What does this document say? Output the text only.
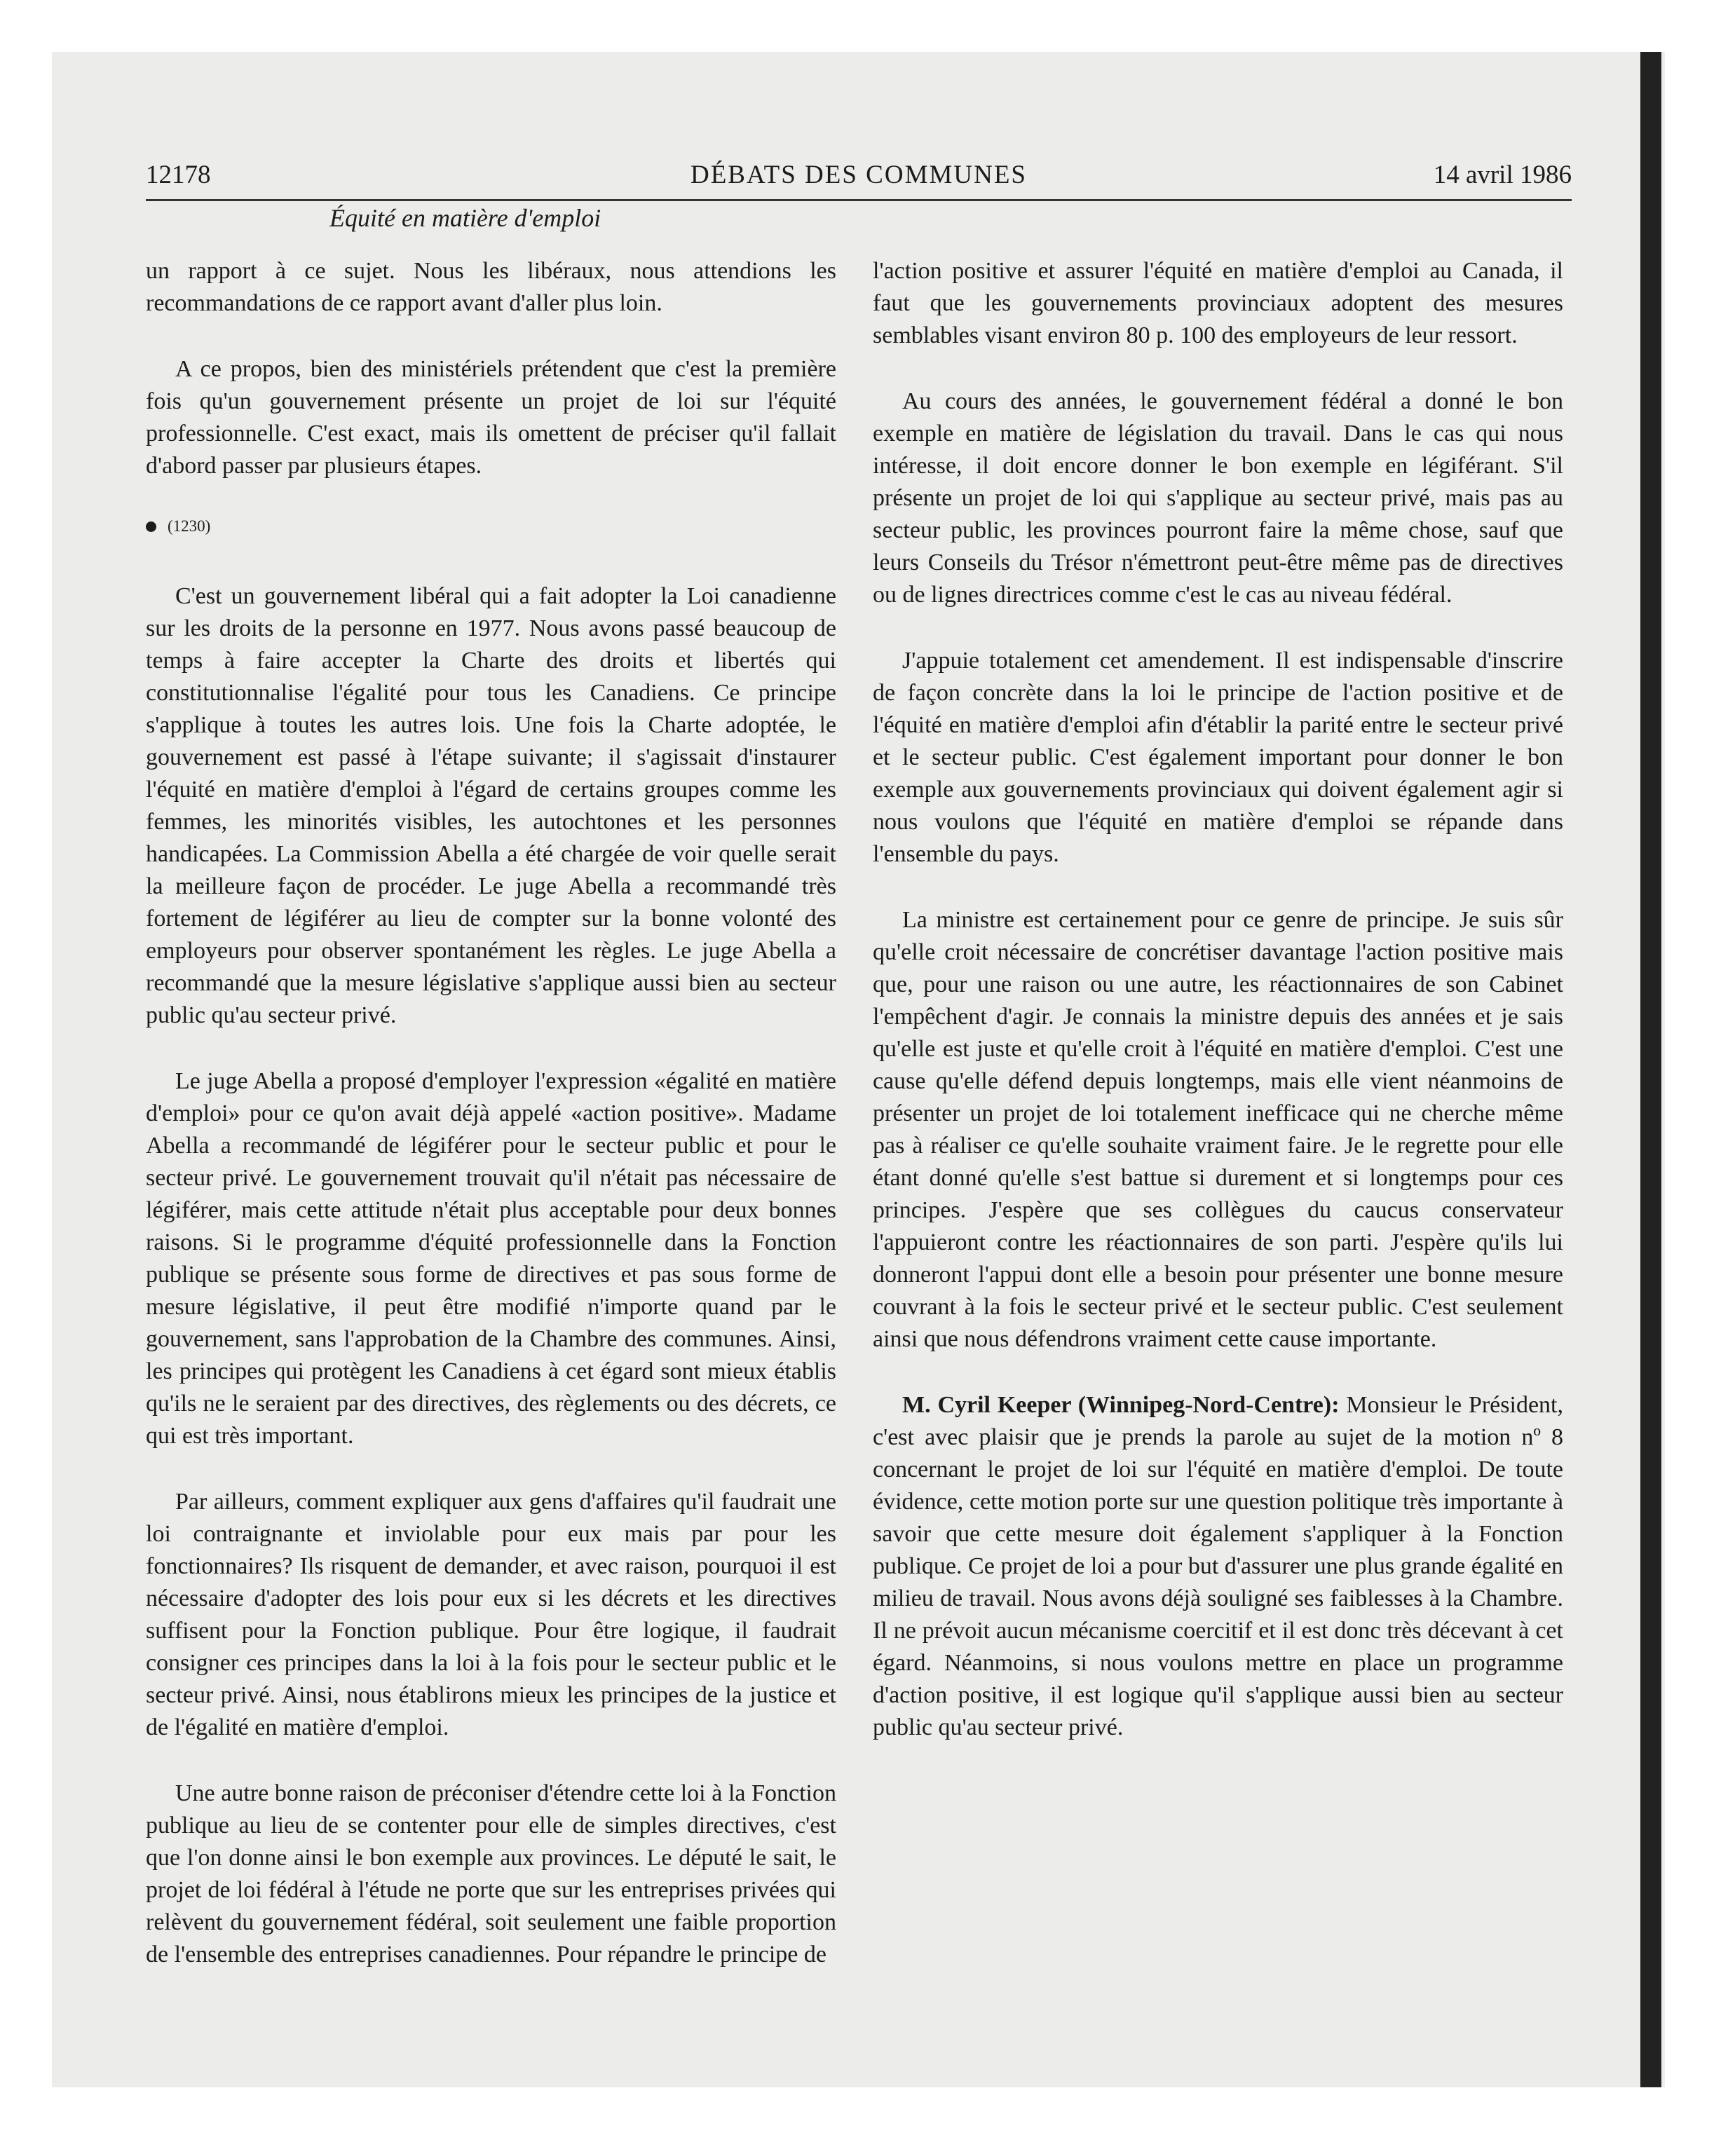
12178	DÉBATS DES COMMUNES	14 avril 1986
Équité en matière d'emploi

un rapport à ce sujet. Nous les libéraux, nous attendions les recommandations de ce rapport avant d'aller plus loin.

A ce propos, bien des ministériels prétendent que c'est la première fois qu'un gouvernement présente un projet de loi sur l'équité professionnelle. C'est exact, mais ils omettent de préciser qu'il fallait d'abord passer par plusieurs étapes.

(1230)

C'est un gouvernement libéral qui a fait adopter la Loi canadienne sur les droits de la personne en 1977. Nous avons passé beaucoup de temps à faire accepter la Charte des droits et libertés qui constitutionnalise l'égalité pour tous les Canadiens. Ce principe s'applique à toutes les autres lois. Une fois la Charte adoptée, le gouvernement est passé à l'étape suivante; il s'agissait d'instaurer l'équité en matière d'emploi à l'égard de certains groupes comme les femmes, les minorités visibles, les autochtones et les personnes handicapées. La Commission Abella a été chargée de voir quelle serait la meilleure façon de procéder. Le juge Abella a recommandé très fortement de légiférer au lieu de compter sur la bonne volonté des employeurs pour observer spontanément les règles. Le juge Abella a recommandé que la mesure législative s'applique aussi bien au secteur public qu'au secteur privé.

Le juge Abella a proposé d'employer l'expression «égalité en matière d'emploi» pour ce qu'on avait déjà appelé «action positive». Madame Abella a recommandé de légiférer pour le secteur public et pour le secteur privé. Le gouvernement trouvait qu'il n'était pas nécessaire de légiférer, mais cette attitude n'était plus acceptable pour deux bonnes raisons. Si le programme d'équité professionnelle dans la Fonction publique se présente sous forme de directives et pas sous forme de mesure législative, il peut être modifié n'importe quand par le gouvernement, sans l'approbation de la Chambre des communes. Ainsi, les principes qui protègent les Canadiens à cet égard sont mieux établis qu'ils ne le seraient par des directives, des règlements ou des décrets, ce qui est très important.

Par ailleurs, comment expliquer aux gens d'affaires qu'il faudrait une loi contraignante et inviolable pour eux mais par pour les fonctionnaires? Ils risquent de demander, et avec raison, pourquoi il est nécessaire d'adopter des lois pour eux si les décrets et les directives suffisent pour la Fonction publique. Pour être logique, il faudrait consigner ces principes dans la loi à la fois pour le secteur public et le secteur privé. Ainsi, nous établirons mieux les principes de la justice et de l'égalité en matière d'emploi.

Une autre bonne raison de préconiser d'étendre cette loi à la Fonction publique au lieu de se contenter pour elle de simples directives, c'est que l'on donne ainsi le bon exemple aux provinces. Le député le sait, le projet de loi fédéral à l'étude ne porte que sur les entreprises privées qui relèvent du gouvernement fédéral, soit seulement une faible proportion de l'ensemble des entreprises canadiennes. Pour répandre le principe de

l'action positive et assurer l'équité en matière d'emploi au Canada, il faut que les gouvernements provinciaux adoptent des mesures semblables visant environ 80 p. 100 des employeurs de leur ressort.

Au cours des années, le gouvernement fédéral a donné le bon exemple en matière de législation du travail. Dans le cas qui nous intéresse, il doit encore donner le bon exemple en légiférant. S'il présente un projet de loi qui s'applique au secteur privé, mais pas au secteur public, les provinces pourront faire la même chose, sauf que leurs Conseils du Trésor n'émettront peut-être même pas de directives ou de lignes directrices comme c'est le cas au niveau fédéral.

J'appuie totalement cet amendement. Il est indispensable d'inscrire de façon concrète dans la loi le principe de l'action positive et de l'équité en matière d'emploi afin d'établir la parité entre le secteur privé et le secteur public. C'est également important pour donner le bon exemple aux gouvernements provinciaux qui doivent également agir si nous voulons que l'équité en matière d'emploi se répande dans l'ensemble du pays.

La ministre est certainement pour ce genre de principe. Je suis sûr qu'elle croit nécessaire de concrétiser davantage l'action positive mais que, pour une raison ou une autre, les réactionnaires de son Cabinet l'empêchent d'agir. Je connais la ministre depuis des années et je sais qu'elle est juste et qu'elle croit à l'équité en matière d'emploi. C'est une cause qu'elle défend depuis longtemps, mais elle vient néanmoins de présenter un projet de loi totalement inefficace qui ne cherche même pas à réaliser ce qu'elle souhaite vraiment faire. Je le regrette pour elle étant donné qu'elle s'est battue si durement et si longtemps pour ces principes. J'espère que ses collègues du caucus conservateur l'appuieront contre les réactionnaires de son parti. J'espère qu'ils lui donneront l'appui dont elle a besoin pour présenter une bonne mesure couvrant à la fois le secteur privé et le secteur public. C'est seulement ainsi que nous défendrons vraiment cette cause importante.

M. Cyril Keeper (Winnipeg-Nord-Centre): Monsieur le Président, c'est avec plaisir que je prends la parole au sujet de la motion nº 8 concernant le projet de loi sur l'équité en matière d'emploi. De toute évidence, cette motion porte sur une question politique très importante à savoir que cette mesure doit également s'appliquer à la Fonction publique. Ce projet de loi a pour but d'assurer une plus grande égalité en milieu de travail. Nous avons déjà souligné ses faiblesses à la Chambre. Il ne prévoit aucun mécanisme coercitif et il est donc très décevant à cet égard. Néanmoins, si nous voulons mettre en place un programme d'action positive, il est logique qu'il s'applique aussi bien au secteur public qu'au secteur privé.
